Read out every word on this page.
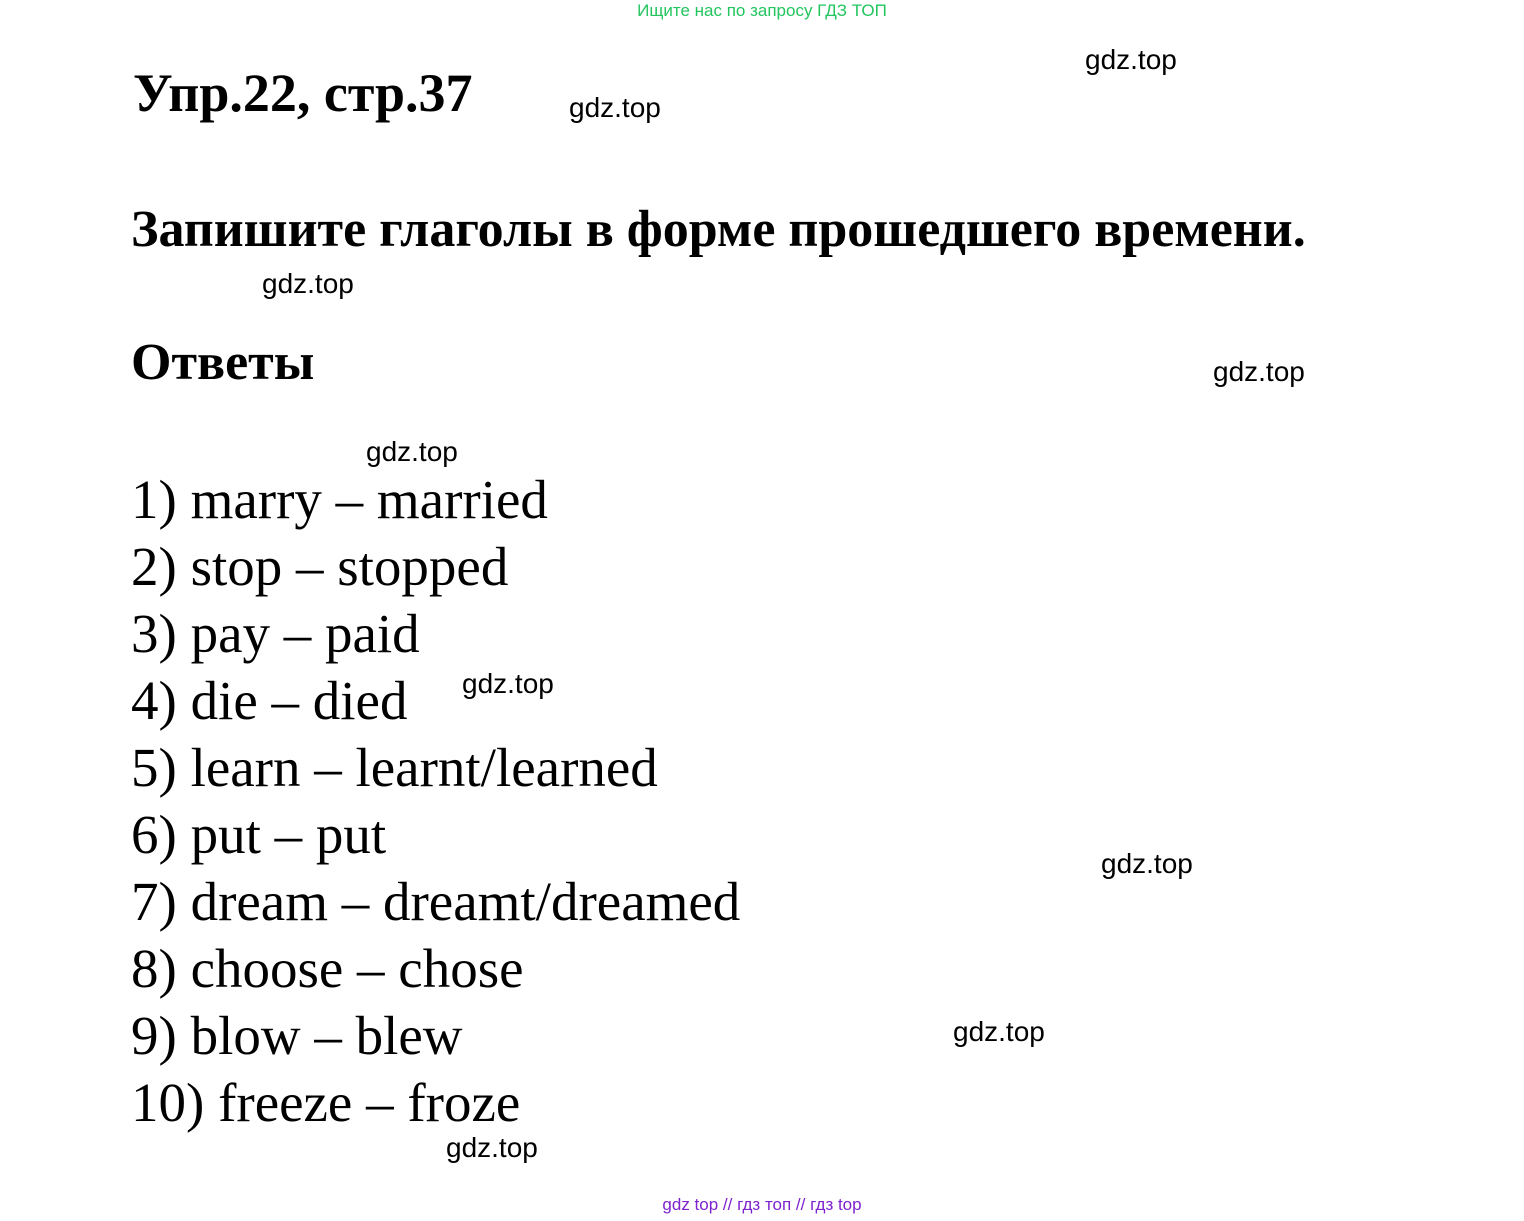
Ищите нас по запросу ГДЗ ТОП
Упр.22, стр.37
Запишите глаголы в форме прошедшего времени.
Ответы
1) marry – married
2) stop – stopped
3) pay – paid
4) die – died
5) learn – learnt/learned
6) put – put
7) dream – dreamt/dreamed
8) choose – chose
9) blow – blew
10) freeze – froze
gdz.top
gdz.top
gdz.top
gdz.top
gdz.top
gdz.top
gdz.top
gdz.top
gdz.top
gdz top // гдз топ // гдз top
